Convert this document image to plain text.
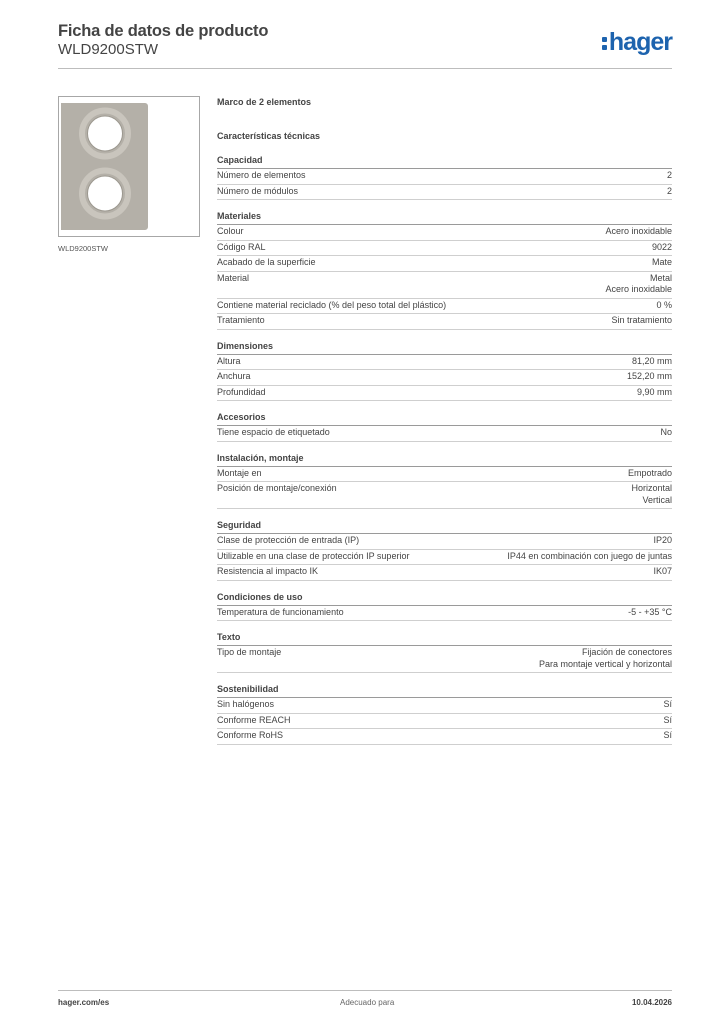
Ficha de datos de producto
WLD9200STW	hager
WLD9200STW
Marco de 2 elementos
Características técnicas
Capacidad
Número de elementos	2
Número de módulos	2
Materiales
Colour	Acero inoxidable
Código RAL	9022
Acabado de la superficie	Mate
Material	Metal
Acero inoxidable
Contiene material reciclado (% del peso total del plástico)	0 %
Tratamiento	Sin tratamiento
Dimensiones
Altura	81,20 mm
Anchura	152,20 mm
Profundidad	9,90 mm
Accesorios
Tiene espacio de etiquetado	No
Instalación, montaje
Montaje en	Empotrado
Posición de montaje/conexión	Horizontal
Vertical
Seguridad
Clase de protección de entrada (IP)	IP20
Utilizable en una clase de protección IP superior	IP44 en combinación con juego de juntas
Resistencia al impacto IK	IK07
Condiciones de uso
Temperatura de funcionamiento	-5 - +35 °C
Texto
Tipo de montaje	Fijación de conectores
Para montaje vertical y horizontal
Sostenibilidad
Sin halógenos	Sí
Conforme REACH	Sí
Conforme RoHS	Sí
hager.com/es	Adecuado para	10.04.2026
